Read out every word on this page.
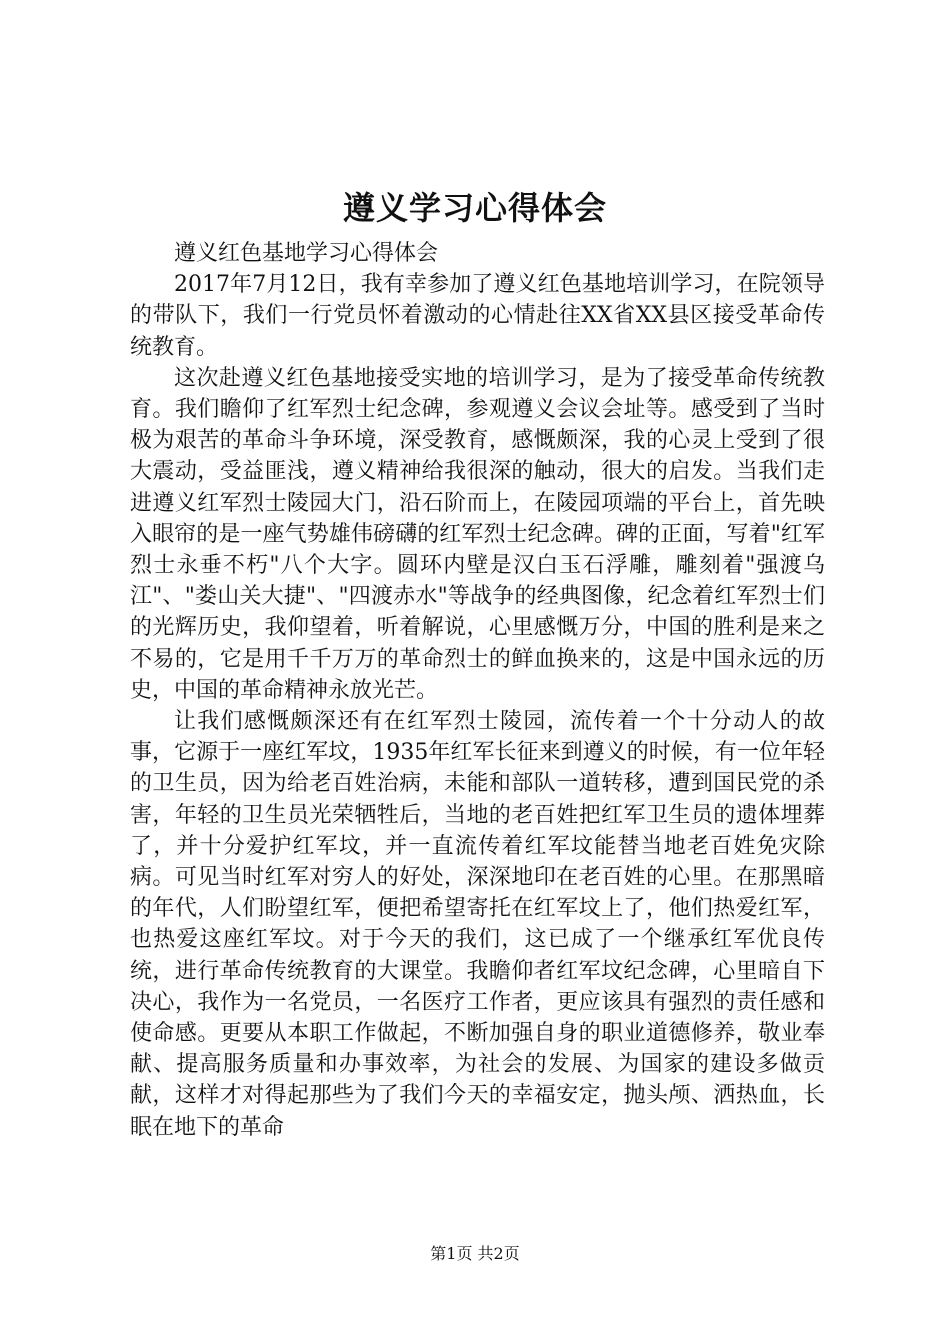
遵义学习心得体会

遵义红色基地学习心得体会

2017年7月12日，我有幸参加了遵义红色基地培训学习，在院领导的带队下，我们一行党员怀着激动的心情赴往XX省XX县区接受革命传统教育。

这次赴遵义红色基地接受实地的培训学习，是为了接受革命传统教育。我们瞻仰了红军烈士纪念碑，参观遵义会议会址等。感受到了当时极为艰苦的革命斗争环境，深受教育，感慨颇深，我的心灵上受到了很大震动，受益匪浅，遵义精神给我很深的触动，很大的启发。当我们走进遵义红军烈士陵园大门，沿石阶而上，在陵园项端的平台上，首先映入眼帘的是一座气势雄伟磅礴的红军烈士纪念碑。碑的正面，写着"红军烈士永垂不朽"八个大字。圆环内壁是汉白玉石浮雕，雕刻着"强渡乌江"、"娄山关大捷"、"四渡赤水"等战争的经典图像，纪念着红军烈士们的光辉历史，我仰望着，听着解说，心里感慨万分，中国的胜利是来之不易的，它是用千千万万的革命烈士的鲜血换来的，这是中国永远的历史，中国的革命精神永放光芒。

让我们感慨颇深还有在红军烈士陵园，流传着一个十分动人的故事，它源于一座红军坟，1935年红军长征来到遵义的时候，有一位年轻的卫生员，因为给老百姓治病，未能和部队一道转移，遭到国民党的杀害，年轻的卫生员光荣牺牲后，当地的老百姓把红军卫生员的遗体埋葬了，并十分爱护红军坟，并一直流传着红军坟能替当地老百姓免灾除病。可见当时红军对穷人的好处，深深地印在老百姓的心里。在那黑暗的年代，人们盼望红军，便把希望寄托在红军坟上了，他们热爱红军，也热爱这座红军坟。对于今天的我们，这已成了一个继承红军优良传统，进行革命传统教育的大课堂。我瞻仰者红军坟纪念碑，心里暗自下决心，我作为一名党员，一名医疗工作者，更应该具有强烈的责任感和使命感。更要从本职工作做起，不断加强自身的职业道德修养，敬业奉献、提高服务质量和办事效率，为社会的发展、为国家的建设多做贡献，这样才对得起那些为了我们今天的幸福安定，抛头颅、洒热血，长眠在地下的革命

第1页 共2页
